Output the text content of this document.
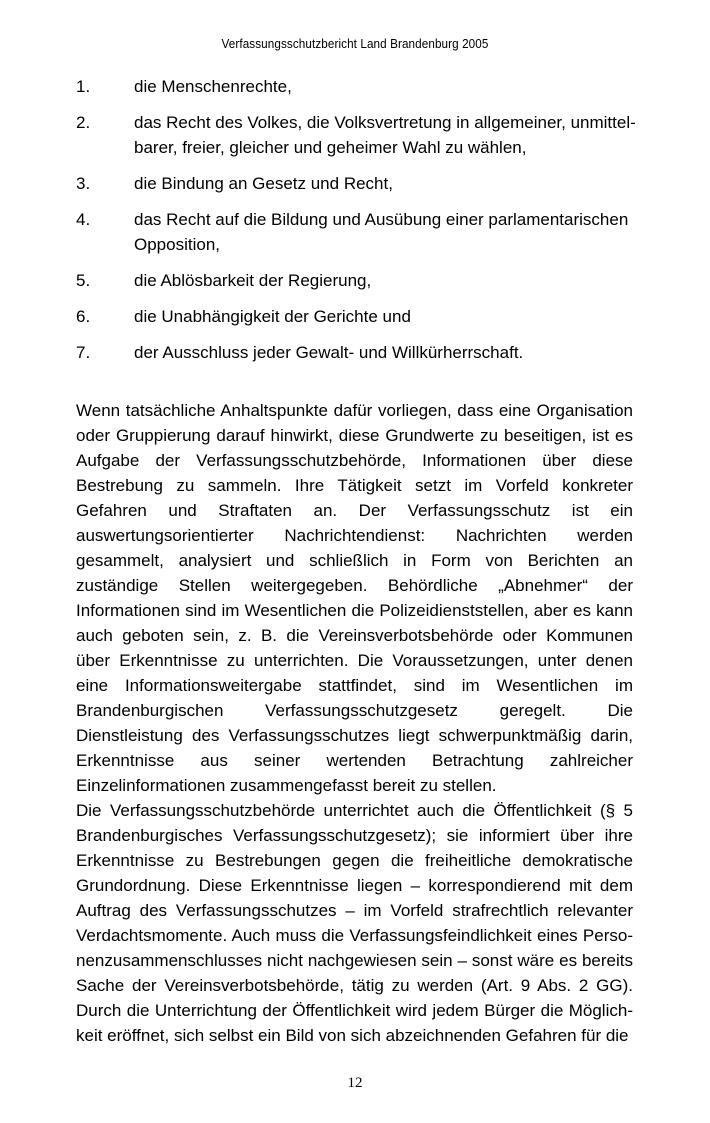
Verfassungsschutzbericht Land Brandenburg 2005
1.	die Menschenrechte,
2.	das Recht des Volkes, die Volksvertretung in allgemeiner, unmittelbarer, freier, gleicher und geheimer Wahl zu wählen,
3.	die Bindung an Gesetz und Recht,
4.	das Recht auf die Bildung und Ausübung einer parlamentarischen Opposition,
5.	die Ablösbarkeit der Regierung,
6.	die Unabhängigkeit der Gerichte und
7.	der Ausschluss jeder Gewalt- und Willkürherrschaft.

Wenn tatsächliche Anhaltspunkte dafür vorliegen, dass eine Organisation oder Gruppierung darauf hinwirkt, diese Grundwerte zu beseitigen, ist es Aufgabe der Verfassungsschutzbehörde, Informationen über diese Bestrebung zu sammeln. Ihre Tätigkeit setzt im Vorfeld konkreter Gefahren und Straftaten an. Der Verfassungsschutz ist ein auswertungsorientierter Nachrichtendienst: Nachrichten werden gesammelt, analysiert und schließlich in Form von Berichten an zuständige Stellen weitergegeben. Behördliche „Abnehmer“ der Informationen sind im Wesentlichen die Polizeidienststellen, aber es kann auch geboten sein, z. B. die Vereinsverbotsbehörde oder Kommunen über Erkenntnisse zu unterrichten. Die Voraussetzungen, unter denen eine Informationsweitergabe stattfindet, sind im Wesentlichen im Brandenburgischen Verfassungsschutzgesetz geregelt. Die Dienstleistung des Verfassungsschutzes liegt schwerpunktmäßig darin, Erkenntnisse aus seiner wertenden Betrachtung zahlreicher Einzelinformationen zusammengefasst bereit zu stellen.

Die Verfassungsschutzbehörde unterrichtet auch die Öffentlichkeit (§ 5 Brandenburgisches Verfassungsschutzgesetz); sie informiert über ihre Erkenntnisse zu Bestrebungen gegen die freiheitliche demokratische Grundordnung. Diese Erkenntnisse liegen – korrespondierend mit dem Auftrag des Verfassungsschutzes – im Vorfeld strafrechtlich relevanter Verdachtsmomente. Auch muss die Verfassungsfeindlichkeit eines Personenzusammenschlusses nicht nachgewiesen sein – sonst wäre es bereits Sache der Vereinsverbotsbehörde, tätig zu werden (Art. 9 Abs. 2 GG). Durch die Unterrichtung der Öffentlichkeit wird jedem Bürger die Möglichkeit eröffnet, sich selbst ein Bild von sich abzeichnenden Gefahren für die

12
